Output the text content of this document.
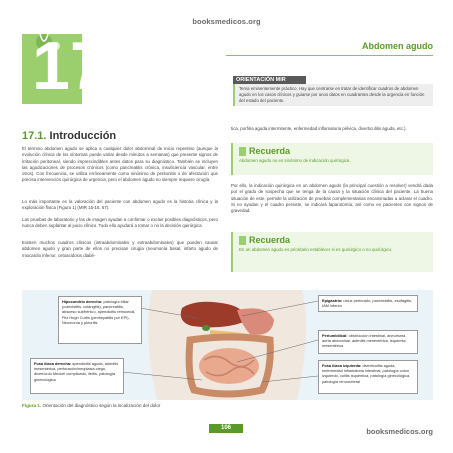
booksmedicos.org
17	Abdomen agudo
ORIENTACIÓN MIR
Tema eminentemente práctico. Hay que centrarse en tratar de identificar cuadros de abdomen agudo en los casos clínicos y guiarse por unos datos en cuadrantes desde la urgencia en función del estado del paciente.
17.1. Introducción
El término abdomen agudo se aplica a cualquier dolor abdominal de inicio repentino (aunque la evolución clínica de los síntomas puede variar desde minutos a semanas) que presente signos de irritación peritoneal, siendo imprescindibles antes datos para su diagnóstico. También se incluyen las agudizaciones de procesos crónicos (como pancreatitis crónica, insuficiencia vascular, entre otros). Con frecuencia, se utiliza erróneamente como sinónimo de peritonitis o de afectación que precisa intervención quirúrgica de urgencia, pero el abdomen agudo no siempre requiere cirugía.
Lo más importante es la valoración del paciente con abdomen agudo es la historia clínica y la exploración física (Figura 1) (MIR 15-16, 67).
Las pruebas de laboratorio y las de imagen ayudan a confirmar o excluir posibles diagnósticos, pero nunca deben suplantar al juicio clínico. Todo ello ayudará a tomar o no la decisión quirúrgica.
Existen muchos cuadros clínicos (intraabdominales y extraabdominales) que pueden causar abdomen agudo y gran parte de ellos no precisan cirugía (neumonía basal, infarto agudo de miocardio inferior, cetoacidosis diabé-
tica, porfiria aguda intermitente, enfermedad inflamatoria pélvica, diverticulitis aguda, etc.).
Recuerda
Abdomen agudo no es sinónimo de indicación quirúrgica.
Por ello, la indicación quirúrgica en un abdomen agudo (la principal cuestión a resolver) vendrá dada por el grado de sospecha que se tenga de la causa y la situación clínica del paciente. La buena situación de este, permite la utilización de pruebas complementarias encaminadas a aclarar el cuadro. Si no ayudan y el cuadro persiste, se indicará laparotomía, así como en pacientes con signos de gravedad.
Recuerda
En un abdomen agudo es prioritario establecer si es quirúrgico o no quirúrgico.
Hipocondrio derecho: patología biliar (colecistitis, colangitis), pancreatitis, absceso subfrénico, apendicitis retrocecal, Fitz Hugh Curtis (perihepatitis por EPI), Neumonía y pleuritis
Epigastrio: ulcus perforado, pancreatitis, esofagitis, IAM inferior
Periumbilical: obstrucción intestinal, aneurisma aorta abdominal, adenitis mesentérica, isquemia mesentérica
Fosa ilíaca derecha: apendicitis aguda, adenitis mesentérica, perforación/neoplasia ciego, divertículo Meckel complicado, ileítis, patología ginecológica
Fosa ilíaca izquierda: diverticulitis aguda, enfermedad inflamatoria intestinal, patología colon izquierdo, colitis isquémica, patología ginecológica, patología renoureteral
Figura 1. Orientación del diagnóstico según la localización del dolor
106	booksmedicos.org
